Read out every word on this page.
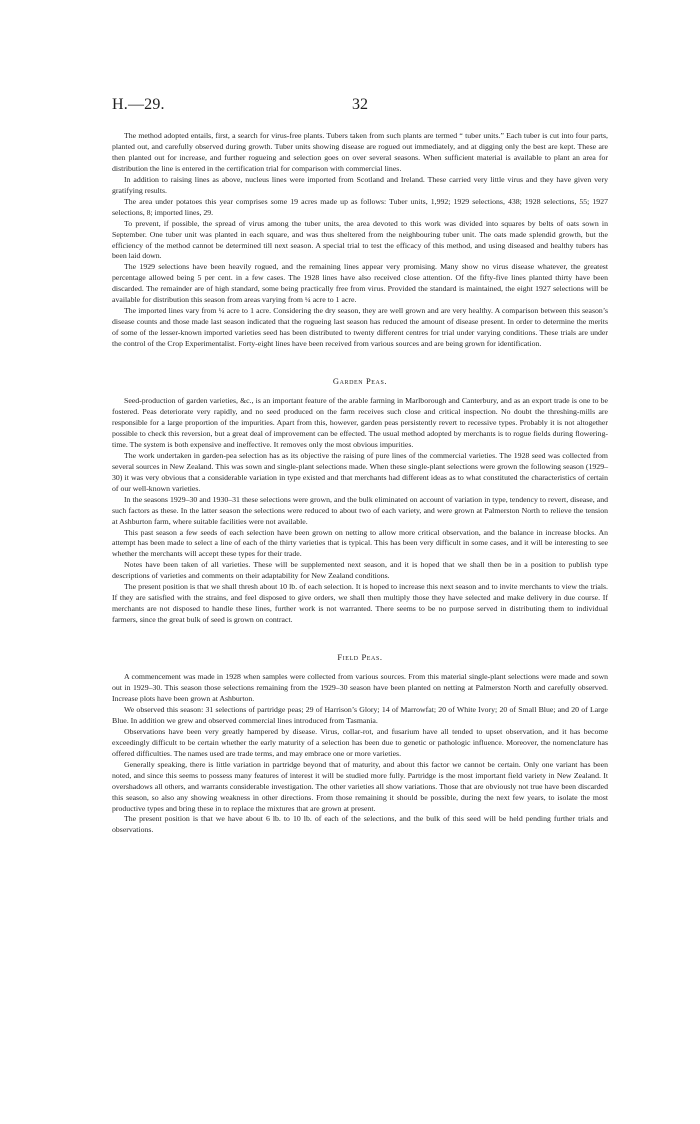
H.—29.	32

The method adopted entails, first, a search for virus-free plants. Tubers taken from such plants are termed “ tuber units.” Each tuber is cut into four parts, planted out, and carefully observed during growth. Tuber units showing disease are rogued out immediately, and at digging only the best are kept. These are then planted out for increase, and further rogueing and selection goes on over several seasons. When sufficient material is available to plant an area for distribution the line is entered in the certification trial for comparison with commercial lines.

In addition to raising lines as above, nucleus lines were imported from Scotland and Ireland. These carried very little virus and they have given very gratifying results.

The area under potatoes this year comprises some 19 acres made up as follows: Tuber units, 1,992; 1929 selections, 438; 1928 selections, 55; 1927 selections, 8; imported lines, 29.

To prevent, if possible, the spread of virus among the tuber units, the area devoted to this work was divided into squares by belts of oats sown in September. One tuber unit was planted in each square, and was thus sheltered from the neighbouring tuber unit. The oats made splendid growth, but the efficiency of the method cannot be determined till next season. A special trial to test the efficacy of this method, and using diseased and healthy tubers has been laid down.

The 1929 selections have been heavily rogued, and the remaining lines appear very promising. Many show no virus disease whatever, the greatest percentage allowed being 5 per cent. in a few cases. The 1928 lines have also received close attention. Of the fifty-five lines planted thirty have been discarded. The remainder are of high standard, some being practically free from virus. Provided the standard is maintained, the eight 1927 selections will be available for distribution this season from areas varying from ¼ acre to 1 acre.

The imported lines vary from ¼ acre to 1 acre. Considering the dry season, they are well grown and are very healthy. A comparison between this season’s disease counts and those made last season indicated that the rogueing last season has reduced the amount of disease present. In order to determine the merits of some of the lesser-known imported varieties seed has been distributed to twenty different centres for trial under varying conditions. These trials are under the control of the Crop Experimentalist. Forty-eight lines have been received from various sources and are being grown for identification.

Garden Peas.

Seed-production of garden varieties, &c., is an important feature of the arable farming in Marlborough and Canterbury, and as an export trade is one to be fostered. Peas deteriorate very rapidly, and no seed produced on the farm receives such close and critical inspection. No doubt the threshing-mills are responsible for a large proportion of the impurities. Apart from this, however, garden peas persistently revert to recessive types. Probably it is not altogether possible to check this reversion, but a great deal of improvement can be effected. The usual method adopted by merchants is to rogue fields during flowering-time. The system is both expensive and ineffective. It removes only the most obvious impurities.

The work undertaken in garden-pea selection has as its objective the raising of pure lines of the commercial varieties. The 1928 seed was collected from several sources in New Zealand. This was sown and single-plant selections made. When these single-plant selections were grown the following season (1929–30) it was very obvious that a considerable variation in type existed and that merchants had different ideas as to what constituted the characteristics of certain of our well-known varieties.

In the seasons 1929–30 and 1930–31 these selections were grown, and the bulk eliminated on account of variation in type, tendency to revert, disease, and such factors as these. In the latter season the selections were reduced to about two of each variety, and were grown at Palmerston North to relieve the tension at Ashburton farm, where suitable facilities were not available.

This past season a few seeds of each selection have been grown on netting to allow more critical observation, and the balance in increase blocks. An attempt has been made to select a line of each of the thirty varieties that is typical. This has been very difficult in some cases, and it will be interesting to see whether the merchants will accept these types for their trade.

Notes have been taken of all varieties. These will be supplemented next season, and it is hoped that we shall then be in a position to publish type descriptions of varieties and comments on their adaptability for New Zealand conditions.

The present position is that we shall thresh about 10 lb. of each selection. It is hoped to increase this next season and to invite merchants to view the trials. If they are satisfied with the strains, and feel disposed to give orders, we shall then multiply those they have selected and make delivery in due course. If merchants are not disposed to handle these lines, further work is not warranted. There seems to be no purpose served in distributing them to individual farmers, since the great bulk of seed is grown on contract.

Field Peas.

A commencement was made in 1928 when samples were collected from various sources. From this material single-plant selections were made and sown out in 1929–30. This season those selections remaining from the 1929–30 season have been planted on netting at Palmerston North and carefully observed. Increase plots have been grown at Ashburton.

We observed this season: 31 selections of partridge peas; 29 of Harrison’s Glory; 14 of Marrowfat; 20 of White Ivory; 20 of Small Blue; and 20 of Large Blue. In addition we grew and observed commercial lines introduced from Tasmania.

Observations have been very greatly hampered by disease. Virus, collar-rot, and fusarium have all tended to upset observation, and it has become exceedingly difficult to be certain whether the early maturity of a selection has been due to genetic or pathologic influence. Moreover, the nomenclature has offered difficulties. The names used are trade terms, and may embrace one or more varieties.

Generally speaking, there is little variation in partridge beyond that of maturity, and about this factor we cannot be certain. Only one variant has been noted, and since this seems to possess many features of interest it will be studied more fully. Partridge is the most important field variety in New Zealand. It overshadows all others, and warrants considerable investigation. The other varieties all show variations. Those that are obviously not true have been discarded this season, so also any showing weakness in other directions. From those remaining it should be possible, during the next few years, to isolate the most productive types and bring these in to replace the mixtures that are grown at present.

The present position is that we have about 6 lb. to 10 lb. of each of the selections, and the bulk of this seed will be held pending further trials and observations.
